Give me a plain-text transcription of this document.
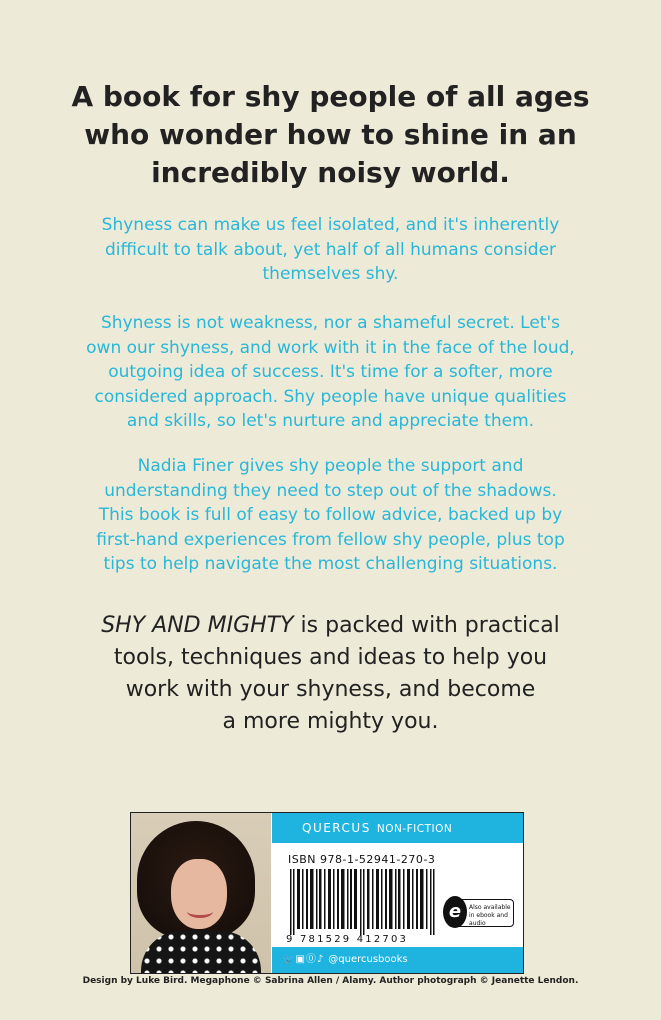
A book for shy people of all ages
who wonder how to shine in an
incredibly noisy world.
Shyness can make us feel isolated, and it's inherently
difficult to talk about, yet half of all humans consider
themselves shy.
Shyness is not weakness, nor a shameful secret. Let's
own our shyness, and work with it in the face of the loud,
outgoing idea of success. It's time for a softer, more
considered approach. Shy people have unique qualities
and skills, so let's nurture and appreciate them.
Nadia Finer gives shy people the support and
understanding they need to step out of the shadows.
This book is full of easy to follow advice, backed up by
first-hand experiences from fellow shy people, plus top
tips to help navigate the most challenging situations.
SHY AND MIGHTY is packed with practical
tools, techniques and ideas to help you
work with your shyness, and become
a more mighty you.
QUERCUS NON-FICTION
ISBN 978-1-52941-270-3
9 781529 412703
e	Also available in ebook and audio
🐦▣⓪♪ @quercusbooks
Design by Luke Bird. Megaphone © Sabrina Allen / Alamy. Author photograph © Jeanette Lendon.
